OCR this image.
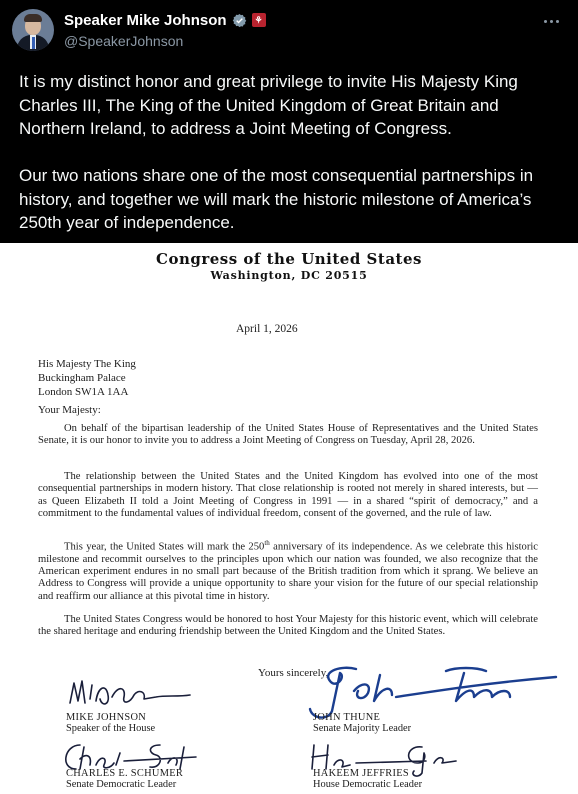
Speaker Mike Johnson	⚘
@SpeakerJohnson

It is my distinct honor and great privilege to invite His Majesty King Charles III, The King of the United Kingdom of Great Britain and Northern Ireland, to address a Joint Meeting of Congress.

Our two nations share one of the most consequential partnerships in history, and together we will mark the historic milestone of America’s 250th year of independence.

Congress of the United States
Washington, DC 20515
April 1, 2026
His Majesty The King
Buckingham Palace
London SW1A 1AA
Your Majesty:
On behalf of the bipartisan leadership of the United States House of Representatives and the United States Senate, it is our honor to invite you to address a Joint Meeting of Congress on Tuesday, April 28, 2026.
The relationship between the United States and the United Kingdom has evolved into one of the most consequential partnerships in modern history. That close relationship is rooted not merely in shared interests, but — as Queen Elizabeth II told a Joint Meeting of Congress in 1991 — in a shared “spirit of democracy,” and a commitment to the fundamental values of individual freedom, consent of the governed, and the rule of law.
This year, the United States will mark the 250th anniversary of its independence. As we celebrate this historic milestone and recommit ourselves to the principles upon which our nation was founded, we also recognize that the American experiment endures in no small part because of the British tradition from which it sprang. We believe an Address to Congress will provide a unique opportunity to share your vision for the future of our special relationship and reaffirm our alliance at this pivotal time in history.
The United States Congress would be honored to host Your Majesty for this historic event, which will celebrate the shared heritage and enduring friendship between the United Kingdom and the United States.
Yours sincerely,
MIKE JOHNSON
Speaker of the House
JOHN THUNE
Senate Majority Leader
CHARLES E. SCHUMER
Senate Democratic Leader
HAKEEM JEFFRIES
House Democratic Leader
